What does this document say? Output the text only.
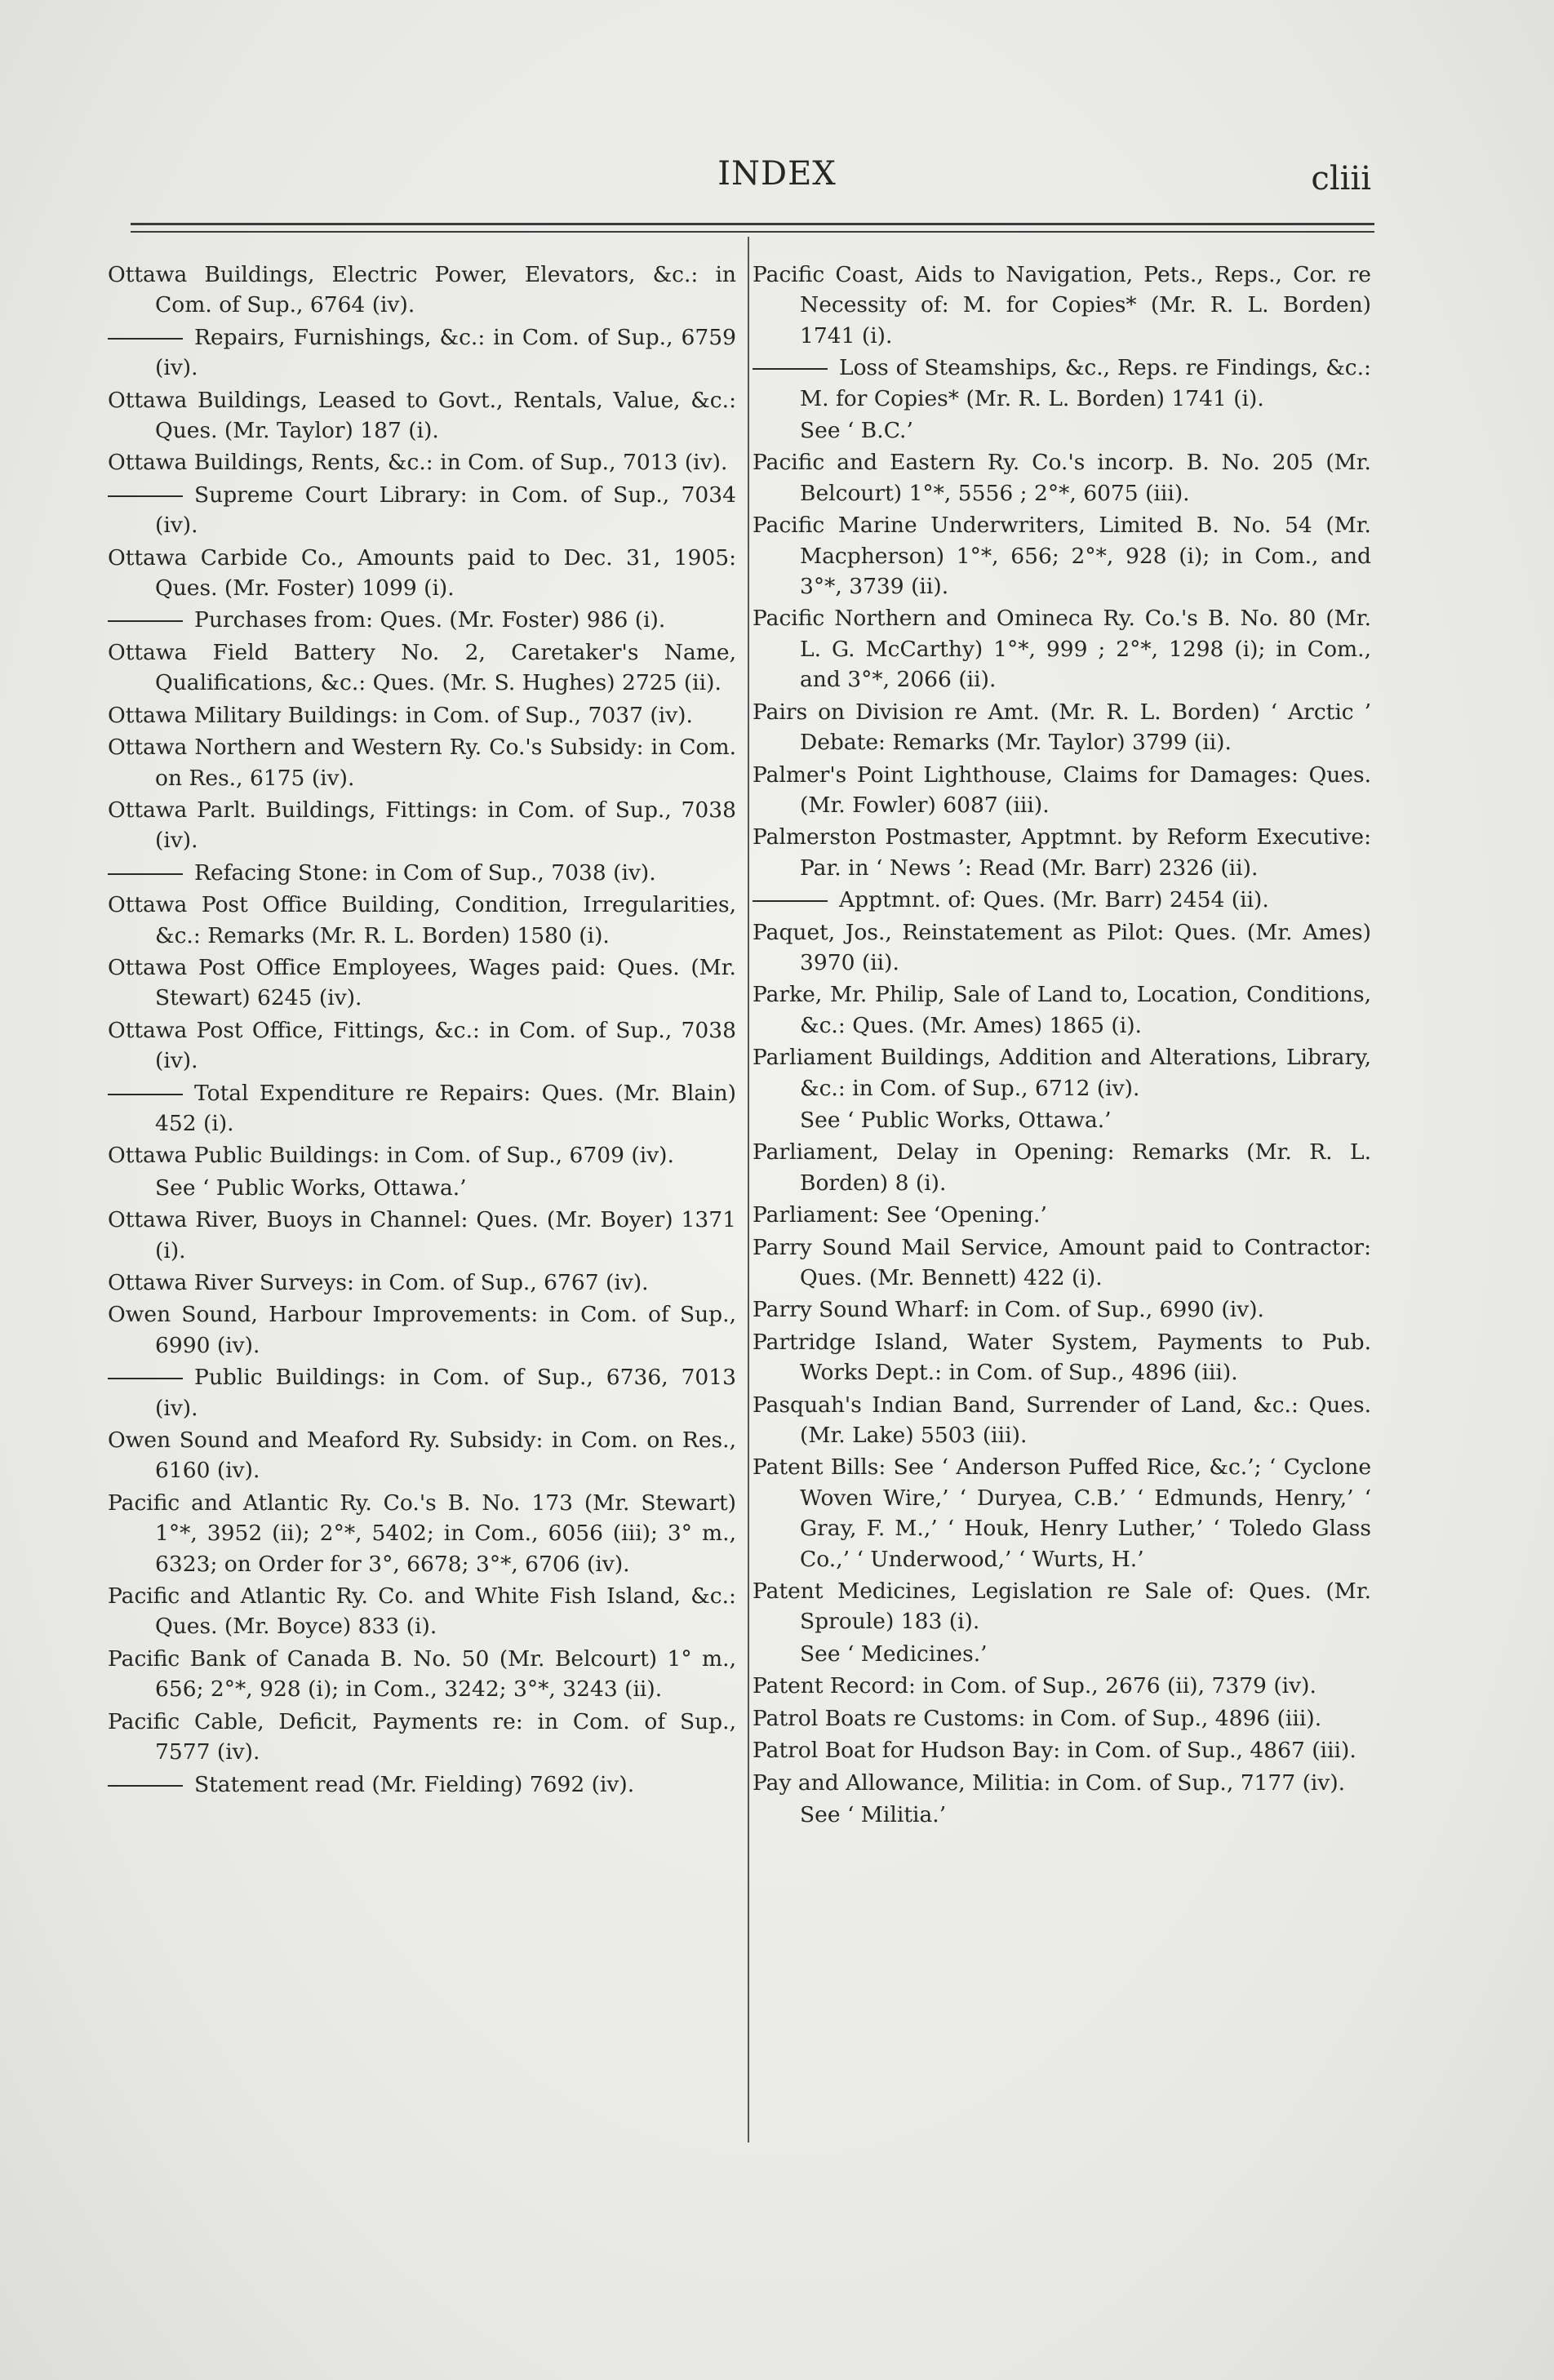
INDEX	cliii

Ottawa Buildings, Electric Power, Elevators, &c.: in Com. of Sup., 6764 (iv).

Repairs, Furnishings, &c.: in Com. of Sup., 6759 (iv).

Ottawa Buildings, Leased to Govt., Rentals, Value, &c.: Ques. (Mr. Taylor) 187 (i).

Ottawa Buildings, Rents, &c.: in Com. of Sup., 7013 (iv).

Supreme Court Library: in Com. of Sup., 7034 (iv).

Ottawa Carbide Co., Amounts paid to Dec. 31, 1905: Ques. (Mr. Foster) 1099 (i).

Purchases from: Ques. (Mr. Foster) 986 (i).

Ottawa Field Battery No. 2, Caretaker's Name, Qualifications, &c.: Ques. (Mr. S. Hughes) 2725 (ii).

Ottawa Military Buildings: in Com. of Sup., 7037 (iv).

Ottawa Northern and Western Ry. Co.'s Subsidy: in Com. on Res., 6175 (iv).

Ottawa Parlt. Buildings, Fittings: in Com. of Sup., 7038 (iv).

Refacing Stone: in Com of Sup., 7038 (iv).

Ottawa Post Office Building, Condition, Irregularities, &c.: Remarks (Mr. R. L. Borden) 1580 (i).

Ottawa Post Office Employees, Wages paid: Ques. (Mr. Stewart) 6245 (iv).

Ottawa Post Office, Fittings, &c.: in Com. of Sup., 7038 (iv).

Total Expenditure re Repairs: Ques. (Mr. Blain) 452 (i).

Ottawa Public Buildings: in Com. of Sup., 6709 (iv).

See ‘ Public Works, Ottawa.’

Ottawa River, Buoys in Channel: Ques. (Mr. Boyer) 1371 (i).

Ottawa River Surveys: in Com. of Sup., 6767 (iv).

Owen Sound, Harbour Improvements: in Com. of Sup., 6990 (iv).

Public Buildings: in Com. of Sup., 6736, 7013 (iv).

Owen Sound and Meaford Ry. Subsidy: in Com. on Res., 6160 (iv).

Pacific and Atlantic Ry. Co.'s B. No. 173 (Mr. Stewart) 1°*, 3952 (ii); 2°*, 5402; in Com., 6056 (iii); 3° m., 6323; on Order for 3°, 6678; 3°*, 6706 (iv).

Pacific and Atlantic Ry. Co. and White Fish Island, &c.: Ques. (Mr. Boyce) 833 (i).

Pacific Bank of Canada B. No. 50 (Mr. Belcourt) 1° m., 656; 2°*, 928 (i); in Com., 3242; 3°*, 3243 (ii).

Pacific Cable, Deficit, Payments re: in Com. of Sup., 7577 (iv).

Statement read (Mr. Fielding) 7692 (iv).

Pacific Coast, Aids to Navigation, Pets., Reps., Cor. re Necessity of: M. for Copies* (Mr. R. L. Borden) 1741 (i).

Loss of Steamships, &c., Reps. re Findings, &c.: M. for Copies* (Mr. R. L. Borden) 1741 (i).

See ‘ B.C.’

Pacific and Eastern Ry. Co.'s incorp. B. No. 205 (Mr. Belcourt) 1°*, 5556 ; 2°*, 6075 (iii).

Pacific Marine Underwriters, Limited B. No. 54 (Mr. Macpherson) 1°*, 656; 2°*, 928 (i); in Com., and 3°*, 3739 (ii).

Pacific Northern and Omineca Ry. Co.'s B. No. 80 (Mr. L. G. McCarthy) 1°*, 999 ; 2°*, 1298 (i); in Com., and 3°*, 2066 (ii).

Pairs on Division re Amt. (Mr. R. L. Borden) ‘ Arctic ’ Debate: Remarks (Mr. Taylor) 3799 (ii).

Palmer's Point Lighthouse, Claims for Damages: Ques. (Mr. Fowler) 6087 (iii).

Palmerston Postmaster, Apptmnt. by Reform Executive: Par. in ‘ News ’: Read (Mr. Barr) 2326 (ii).

Apptmnt. of: Ques. (Mr. Barr) 2454 (ii).

Paquet, Jos., Reinstatement as Pilot: Ques. (Mr. Ames) 3970 (ii).

Parke, Mr. Philip, Sale of Land to, Location, Conditions, &c.: Ques. (Mr. Ames) 1865 (i).

Parliament Buildings, Addition and Alterations, Library, &c.: in Com. of Sup., 6712 (iv).

See ‘ Public Works, Ottawa.’

Parliament, Delay in Opening: Remarks (Mr. R. L. Borden) 8 (i).

Parliament: See ‘Opening.’

Parry Sound Mail Service, Amount paid to Contractor: Ques. (Mr. Bennett) 422 (i).

Parry Sound Wharf: in Com. of Sup., 6990 (iv).

Partridge Island, Water System, Payments to Pub. Works Dept.: in Com. of Sup., 4896 (iii).

Pasquah's Indian Band, Surrender of Land, &c.: Ques. (Mr. Lake) 5503 (iii).

Patent Bills: See ‘ Anderson Puffed Rice, &c.’; ‘ Cyclone Woven Wire,’ ‘ Duryea, C.B.’ ‘ Edmunds, Henry,’ ‘ Gray, F. M.,’ ‘ Houk, Henry Luther,’ ‘ Toledo Glass Co.,’ ‘ Underwood,’ ‘ Wurts, H.’

Patent Medicines, Legislation re Sale of: Ques. (Mr. Sproule) 183 (i).

See ‘ Medicines.’

Patent Record: in Com. of Sup., 2676 (ii), 7379 (iv).

Patrol Boats re Customs: in Com. of Sup., 4896 (iii).

Patrol Boat for Hudson Bay: in Com. of Sup., 4867 (iii).

Pay and Allowance, Militia: in Com. of Sup., 7177 (iv).

See ‘ Militia.’
